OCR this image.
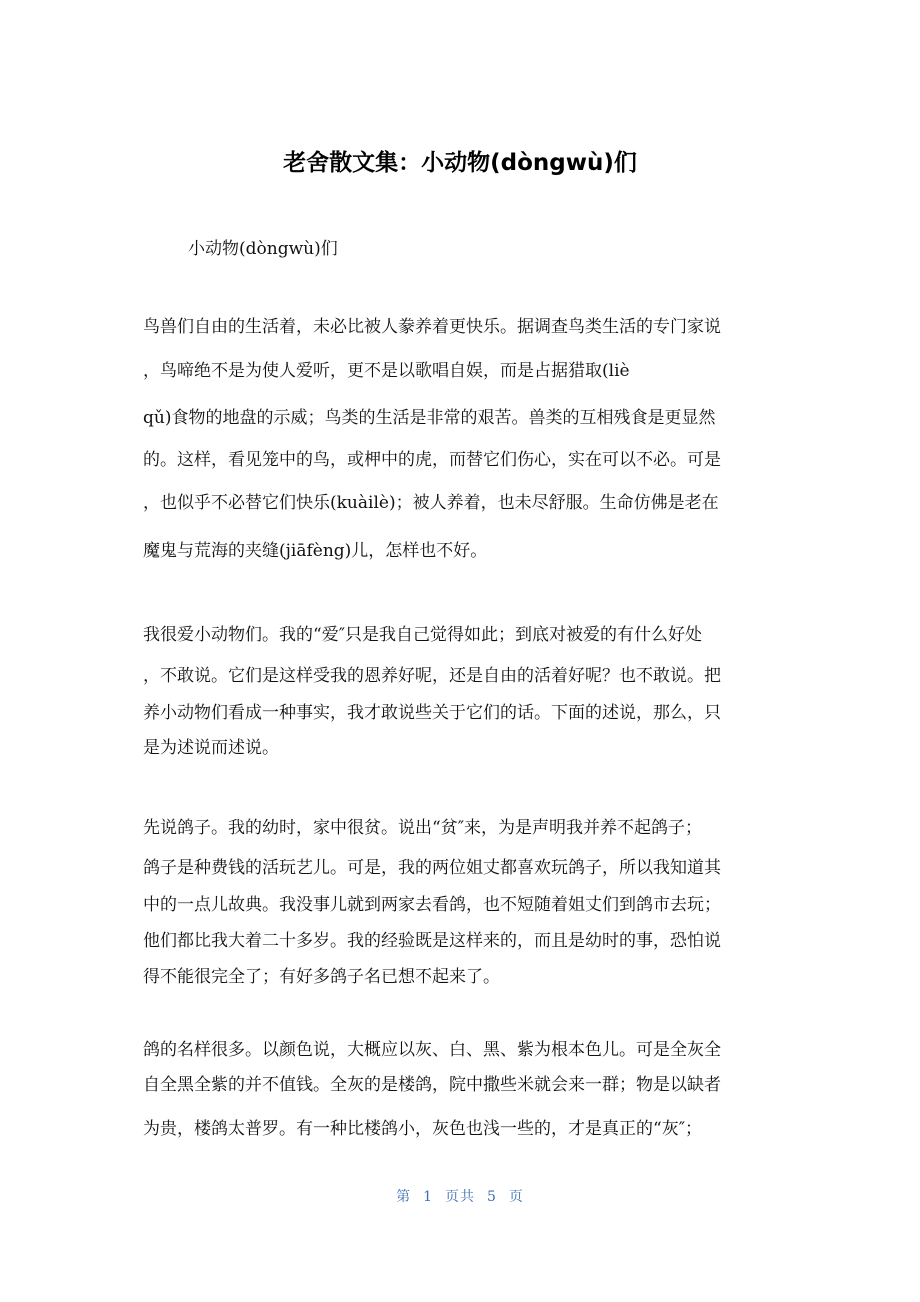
老舍散文集：小动物(dòngwù)们
小动物(dòngwù)们
鸟兽们自由的生活着，未必比被人豢养着更快乐。据调查鸟类生活的专门家说
，鸟啼绝不是为使人爱听，更不是以歌唱自娱，而是占据猎取(liè
qǔ)食物的地盘的示威；鸟类的生活是非常的艰苦。兽类的互相残食是更显然
的。这样，看见笼中的鸟，或柙中的虎，而替它们伤心，实在可以不必。可是
，也似乎不必替它们快乐(kuàilè)；被人养着，也未尽舒服。生命仿佛是老在
魔鬼与荒海的夹缝(jiāfèng)儿，怎样也不好。
我很爱小动物们。我的“爱″只是我自己觉得如此；到底对被爱的有什么好处
，不敢说。它们是这样受我的恩养好呢，还是自由的活着好呢？也不敢说。把
养小动物们看成一种事实，我才敢说些关于它们的话。下面的述说，那么，只
是为述说而述说。
先说鸽子。我的幼时，家中很贫。说出“贫″来，为是声明我并养不起鸽子；
鸽子是种费钱的活玩艺儿。可是，我的两位姐丈都喜欢玩鸽子，所以我知道其
中的一点儿故典。我没事儿就到两家去看鸽，也不短随着姐丈们到鸽市去玩；
他们都比我大着二十多岁。我的经验既是这样来的，而且是幼时的事，恐怕说
得不能很完全了；有好多鸽子名已想不起来了。
鸽的名样很多。以颜色说，大概应以灰、白、黑、紫为根本色儿。可是全灰全
自全黑全紫的并不值钱。全灰的是楼鸽，院中撒些米就会来一群；物是以缺者
为贵，楼鸽太普罗。有一种比楼鸽小，灰色也浅一些的，才是真正的“灰″；
第 1 页共 5 页
